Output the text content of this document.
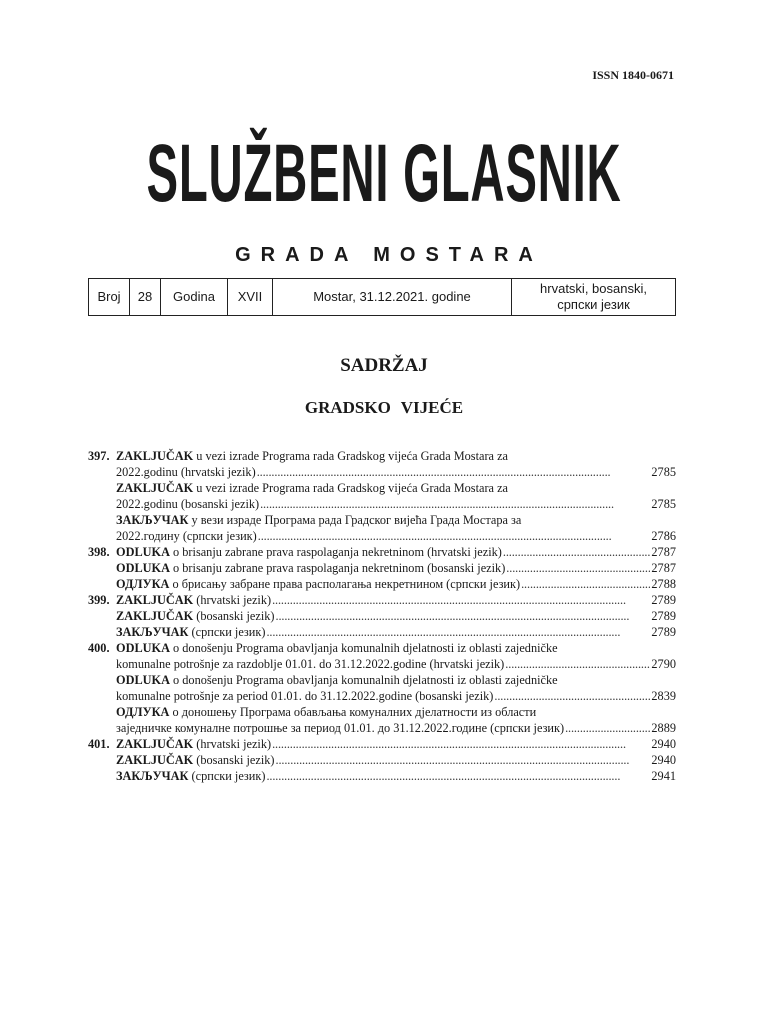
ISSN 1840-0671
SLUŽBENI GLASNIK
GRADA MOSTARA
Broj	28	Godina	XVII	Mostar, 31.12.2021. godine	
hrvatski, bosanski,
српски језик
SADRŽAJ
GRADSKO VIJEĆE
397. ZAKLJUČAK u vezi izrade Programa rada Gradskog vijeća Grada Mostara za
2022.godinu (hrvatski jezik) . . .	2785
ZAKLJUČAK u vezi izrade Programa rada Gradskog vijeća Grada Mostara za
2022.godinu (bosanski jezik) . . .	2785
ЗАКЉУЧАК у вези израде Програма рада Градског вијећа Града Мостара за
2022.годину (српски језик) . . .	2786
398. ODLUKA o brisanju zabrane prava raspolaganja nekretninom (hrvatski jezik) . . .	2787
ODLUKA o brisanju zabrane prava raspolaganja nekretninom (bosanski jezik) . . .	2787
ОДЛУКА о брисању забране права располагања некретнином (српски језик) . . .	2788
399. ZAKLJUČAK (hrvatski jezik) . . .	2789
ZAKLJUČAK (bosanski jezik) . . .	2789
ЗАКЉУЧАК (српски језик) . . .	2789
400. ODLUKA o donošenju Programa obavljanja komunalnih djelatnosti iz oblasti zajedničke
komunalne potrošnje za razdoblje 01.01. do 31.12.2022.godine (hrvatski jezik) . . .	2790
ODLUKA o donošenju Programa obavljanja komunalnih djelatnosti iz oblasti zajedničke
komunalne potrošnje za period 01.01. do 31.12.2022.godine (bosanski jezik) . . .	2839
ОДЛУКА о доношењу Програма обављања комуналних дјелатности из области
заједничке комуналне потрошње за период 01.01. до 31.12.2022.године (српски језик) . . .	2889
401. ZAKLJUČAK (hrvatski jezik) . . .	2940
ZAKLJUČAK (bosanski jezik) . . .	2940
ЗАКЉУЧАК (српски језик) . . .	2941
